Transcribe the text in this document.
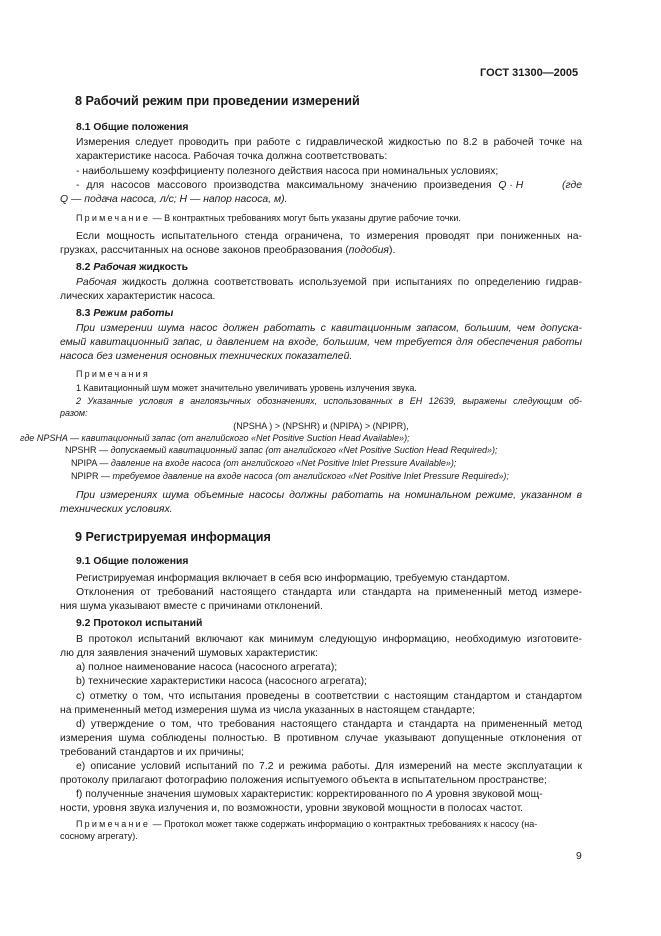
ГОСТ 31300—2005
8 Рабочий режим при проведении измерений
8.1 Общие положения
Измерения следует проводить при работе с гидравлической жидкостью по 8.2 в рабочей точке на
характеристике насоса. Рабочая точка должна соответствовать:
- наибольшему коэффициенту полезного действия насоса при номинальных условиях;
- для насосов массового производства максимальному значению произведения Q · H	(где
Q — подача насоса, л/с; H — напор насоса, м).
Примечание — В контрактных требованиях могут быть указаны другие рабочие точки.
Если мощность испытательного стенда ограничена, то измерения проводят при пониженных на-
грузках, рассчитанных на основе законов преобразования (подобия).
8.2 Рабочая жидкость
Рабочая жидкость должна соответствовать используемой при испытаниях по определению гидрав-
лических характеристик насоса.
8.3 Режим работы
При измерении шума насос должен работать с кавитационным запасом, большим, чем допуска-
емый кавитационный запас, и давлением на входе, большим, чем требуется для обеспечения работы
насоса без изменения основных технических показателей.
Примечания
1 Кавитационный шум может значительно увеличивать уровень излучения звука.
2 Указанные условия в англоязычных обозначениях, использованных в ЕН 12639, выражены следующим об-
разом:
(NPSHA ) > (NPSHR) и (NPIPA) > (NPIPR),
где NPSHA — кавитационный запас (от английского «Net Positive Suction Head Available»);
NPSHR — допускаемый кавитационный запас (от английского «Net Positive Suction Head Required»);
NPIPA — давление на входе насоса (от английского «Net Positive Inlet Pressure Available»);
NPIPR — требуемое давление на входе насоса (от английского «Net Positive Inlet Pressure Required»);
При измерениях шума объемные насосы должны работать на номинальном режиме, указанном в
технических условиях.
9 Регистрируемая информация
9.1 Общие положения
Регистрируемая информация включает в себя всю информацию, требуемую стандартом.
Отклонения от требований настоящего стандарта или стандарта на примененный метод измере-
ния шума указывают вместе с причинами отклонений.
9.2 Протокол испытаний
В протокол испытаний включают как минимум следующую информацию, необходимую изготовите-
лю для заявления значений шумовых характеристик:
a) полное наименование насоса (насосного агрегата);
b) технические характеристики насоса (насосного агрегата);
c) отметку о том, что испытания проведены в соответствии с настоящим стандартом и стандартом
на примененный метод измерения шума из числа указанных в настоящем стандарте;
d) утверждение о том, что требования настоящего стандарта и стандарта на примененный метод
измерения шума соблюдены полностью. В противном случае указывают допущенные отклонения от
требований стандартов и их причины;
e) описание условий испытаний по 7.2 и режима работы. Для измерений на месте эксплуатации к
протоколу прилагают фотографию положения испытуемого объекта в испытательном пространстве;
f) полученные значения шумовых характеристик: корректированного по А уровня звуковой мощ-
ности, уровня звука излучения и, по возможности, уровни звуковой мощности в полосах частот.
Примечание — Протокол может также содержать информацию о контрактных требованиях к насосу (на-
сосному агрегату).
9
